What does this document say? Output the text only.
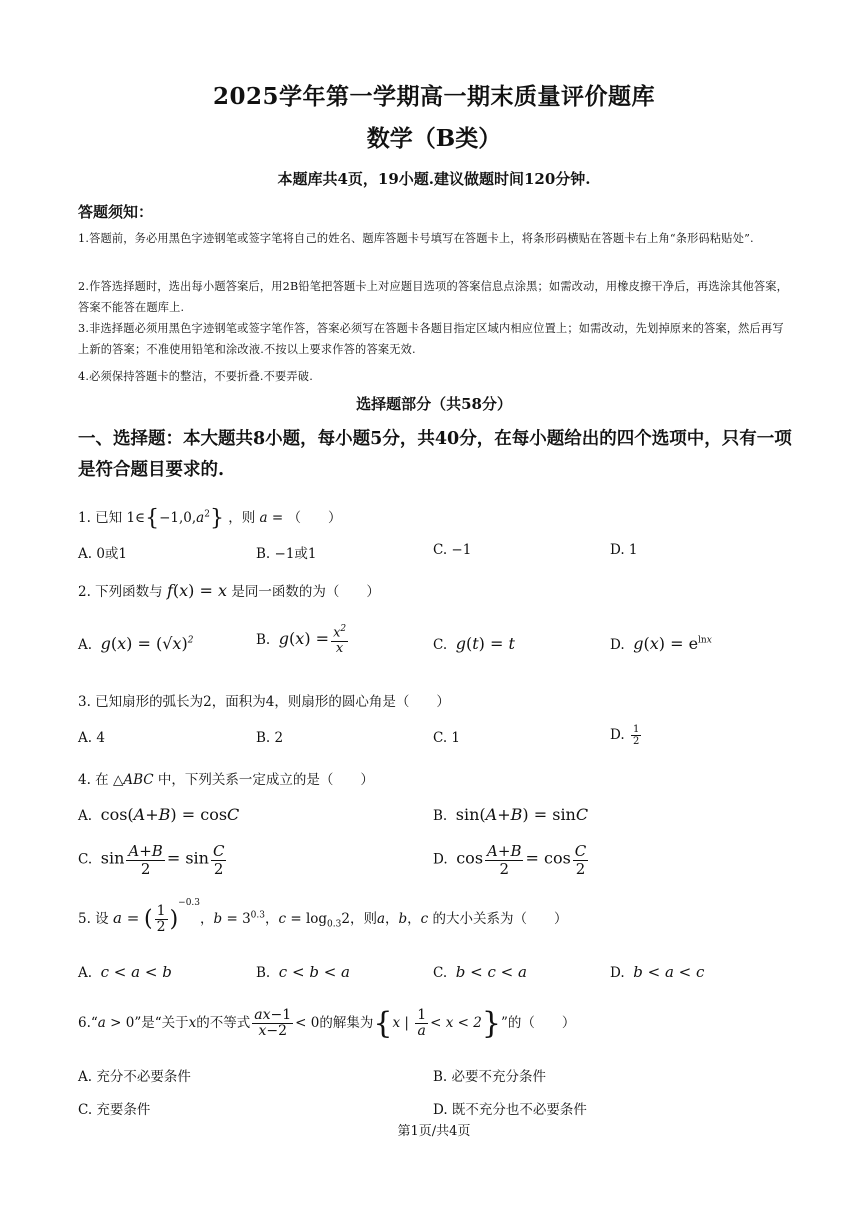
2025学年第一学期高一期末质量评价题库
数学（B类）
本题库共4页，19小题.建议做题时间120分钟.
答题须知：
1.答题前，务必用黑色字迹钢笔或签字笔将自己的姓名、题库答题卡号填写在答题卡上，将条形码横贴在答题卡右上角“条形码粘贴处”.
2.作答选择题时，选出每小题答案后，用2B铅笔把答题卡上对应题目选项的答案信息点涂黑；如需改动，用橡皮擦干净后，再选涂其他答案，答案不能答在题库上.
3.非选择题必须用黑色字迹钢笔或签字笔作答，答案必须写在答题卡各题目指定区域内相应位置上；如需改动，先划掉原来的答案，然后再写上新的答案；不准使用铅笔和涂改液.不按以上要求作答的答案无效.
4.必须保持答题卡的整洁，不要折叠.不要弄破.
选择题部分（共58分）
一、选择题：本大题共8小题，每小题5分，共40分，在每小题给出的四个选项中，只有一项是符合题目要求的.
1. 已知 $1\in\{-1,0,a^2\}$ ，则 a = （　　）
A. 0或1	B. −1或1	C. −1	D. 1
2. 下列函数与 f(x) = x 是同一函数的为（　　）
A.  $g(x) = (√x)^2$	B.  $g(x) = \frac{x^2}{x}$	C.  g(t) = t	D.  $g(x) = e^{lnx}$
3. 已知扇形的弧长为2，面积为4，则扇形的圆心角是（　　）
A. 4	B. 2	C. 1	D. $\frac{1}{2}$
4. 在 △ABC 中，下列关系一定成立的是（　　）
A.  cos(A+B) = cosC	B.  sin(A+B) = sinC
C.  $\sin \frac{A+B}{2} = \sin \frac{C}{2}$	D.  $\cos \frac{A+B}{2} = \cos \frac{C}{2}$
5. 设 a = ( $\frac{1}{2} )^{-0.3}$，$b = 3^{0.3}$，$c = \log_{0.3}2$，则a，b，c 的大小关系为（　　）
A.  c < a < b	B.  c < b < a	C.  b < c < a	D.  b < a < c
6.“a > 0”是“关于x的不等式 $\frac{ax-1}{x-2} < 0$的解集为{x | $\frac{1}{a} < x < 2$}”的（　　）
A. 充分不必要条件	B. 必要不充分条件
C. 充要条件	D. 既不充分也不必要条件
第1页/共4页
